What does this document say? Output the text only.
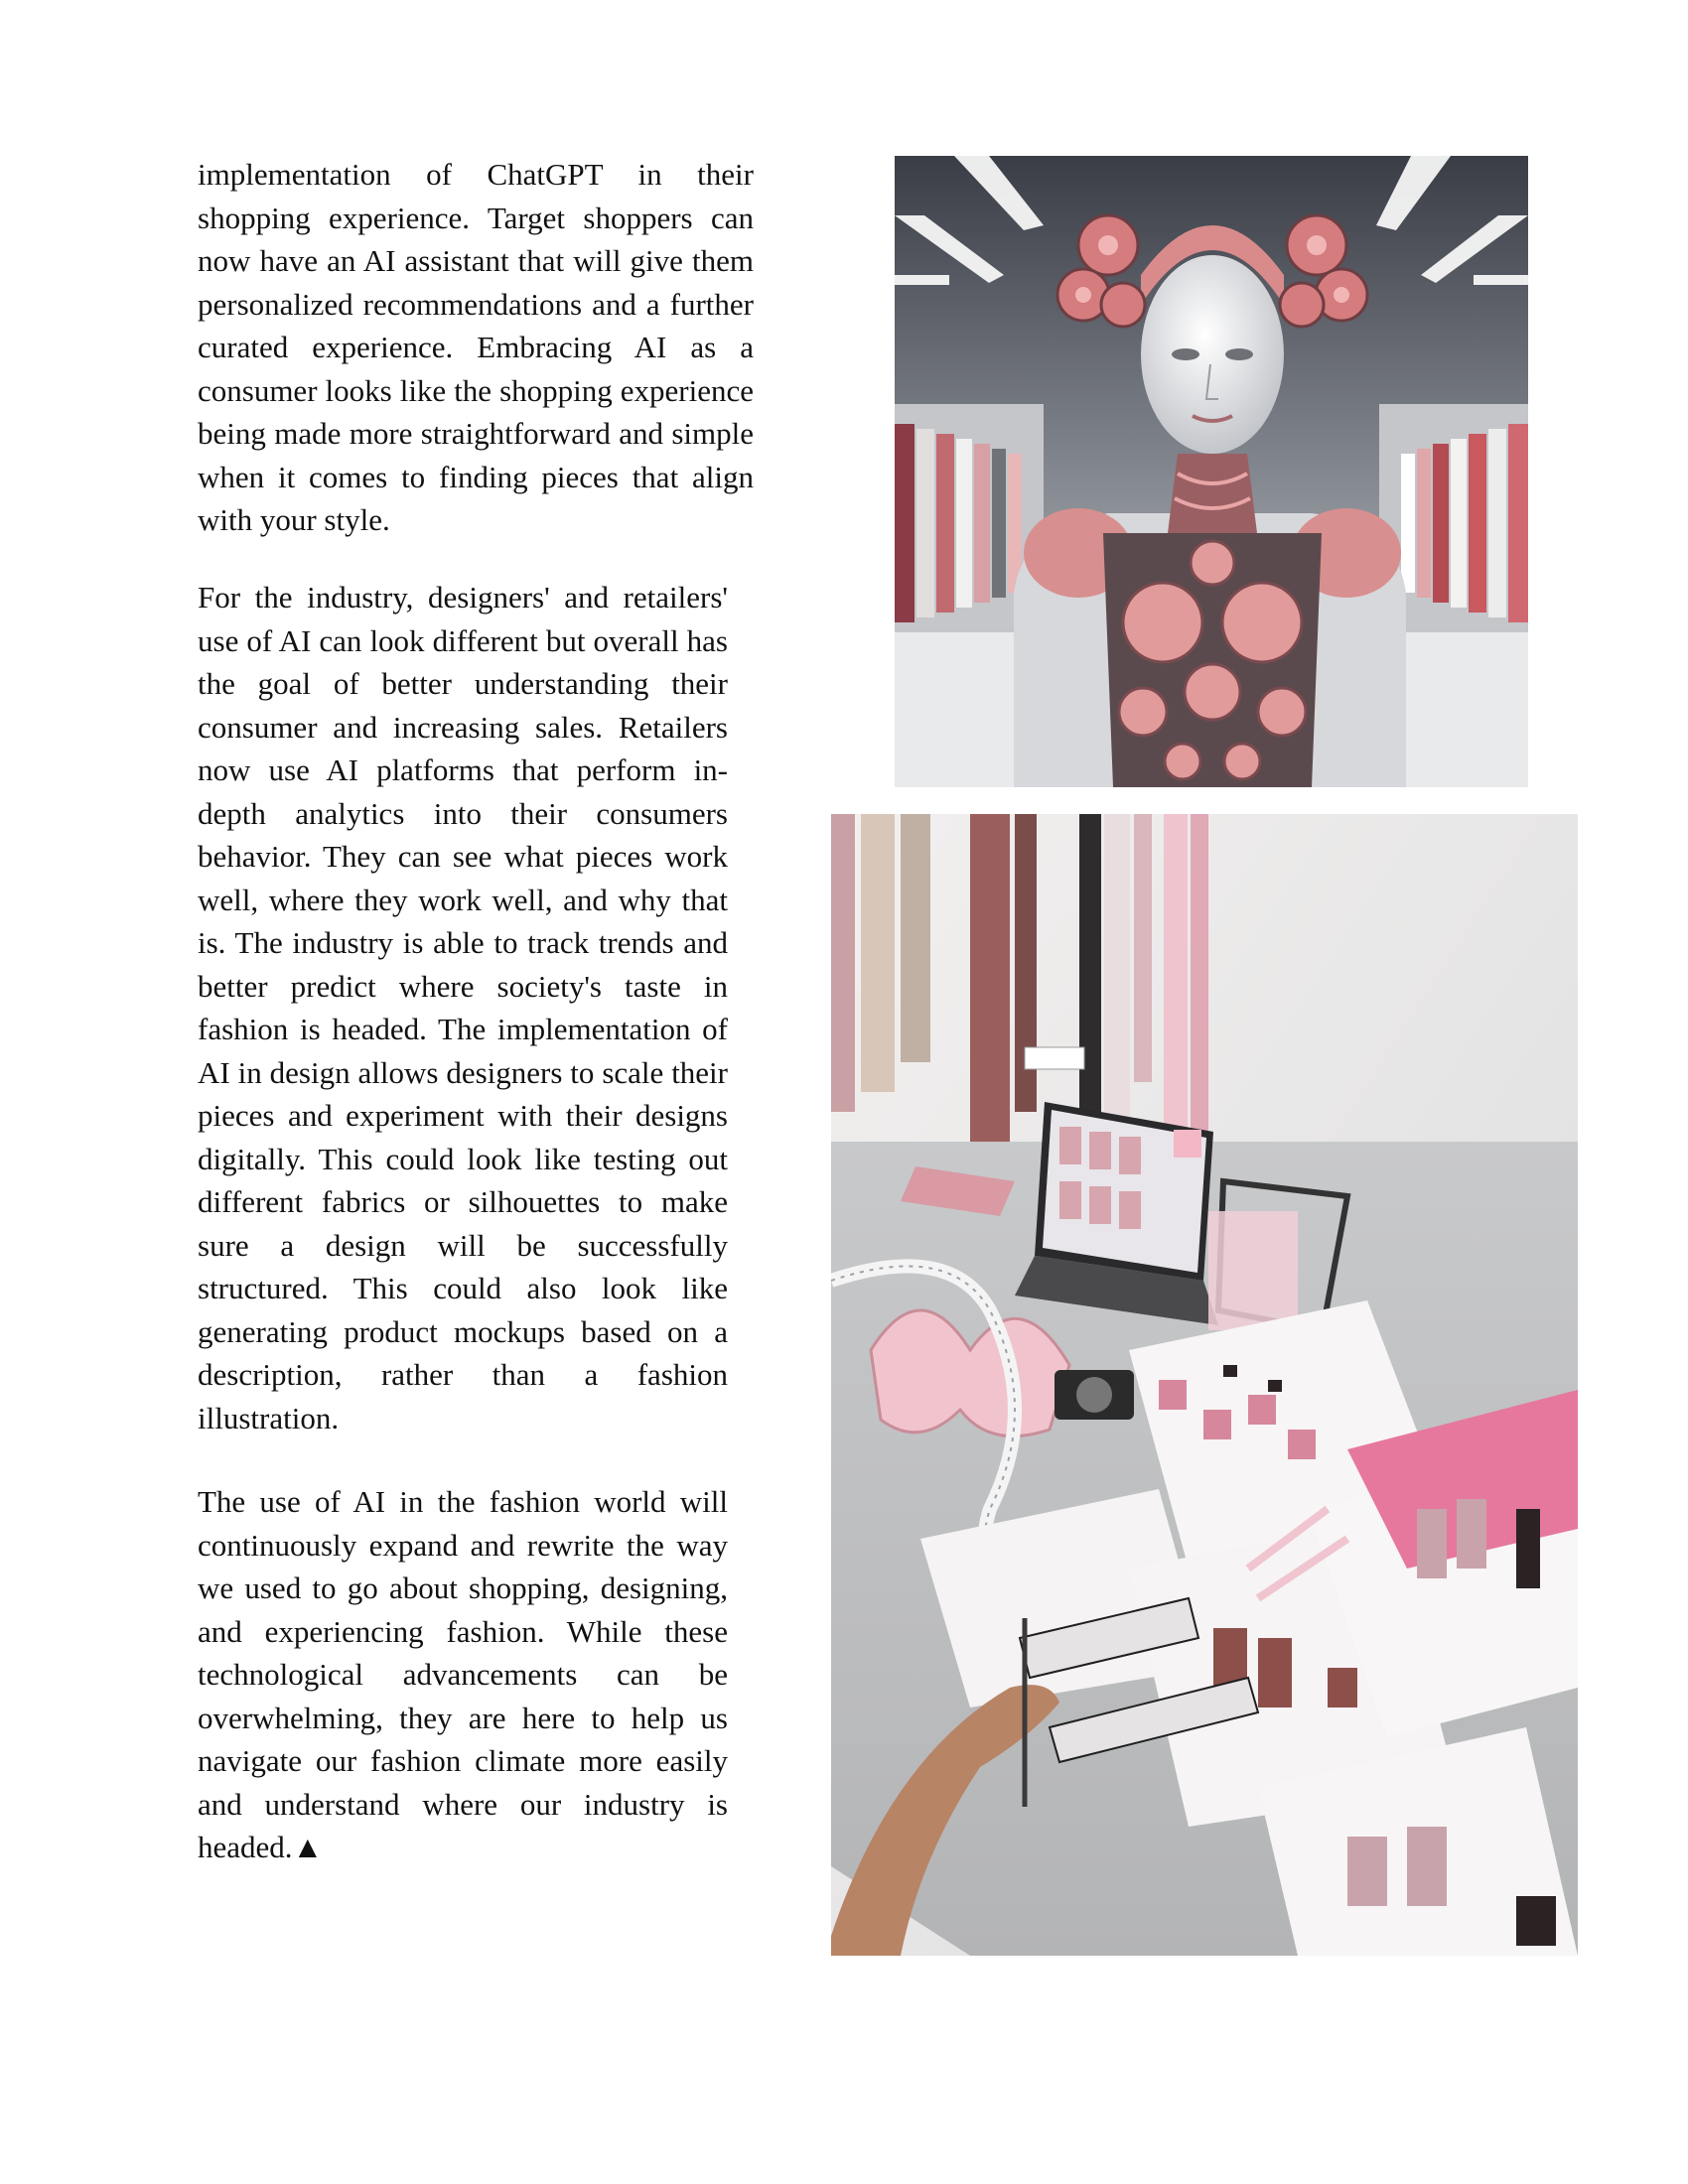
implementation of ChatGPT in their shopping experience. Target shoppers can now have an AI assistant that will give them personalized recommendations and a further curated experience. Embracing AI as a consumer looks like the shopping experience being made more straightforward and simple when it comes to finding pieces that align with your style.

For the industry, designers' and retailers' use of AI can look different but overall has the goal of better understanding their consumer and increasing sales. Retailers now use AI platforms that perform in-depth analytics into their consumers behavior. They can see what pieces work well, where they work well, and why that is. The industry is able to track trends and better predict where society's taste in fashion is headed. The implementation of AI in design allows designers to scale their pieces and experiment with their designs digitally. This could look like testing out different fabrics or silhouettes to make sure a design will be successfully structured. This could also look like generating product mockups based on a description, rather than a fashion illustration.

The use of AI in the fashion world will continuously expand and rewrite the way we used to go about shopping, designing, and experiencing fashion. While these technological advancements can be overwhelming, they are here to help us navigate our fashion climate more easily and understand where our industry is headed.▲
